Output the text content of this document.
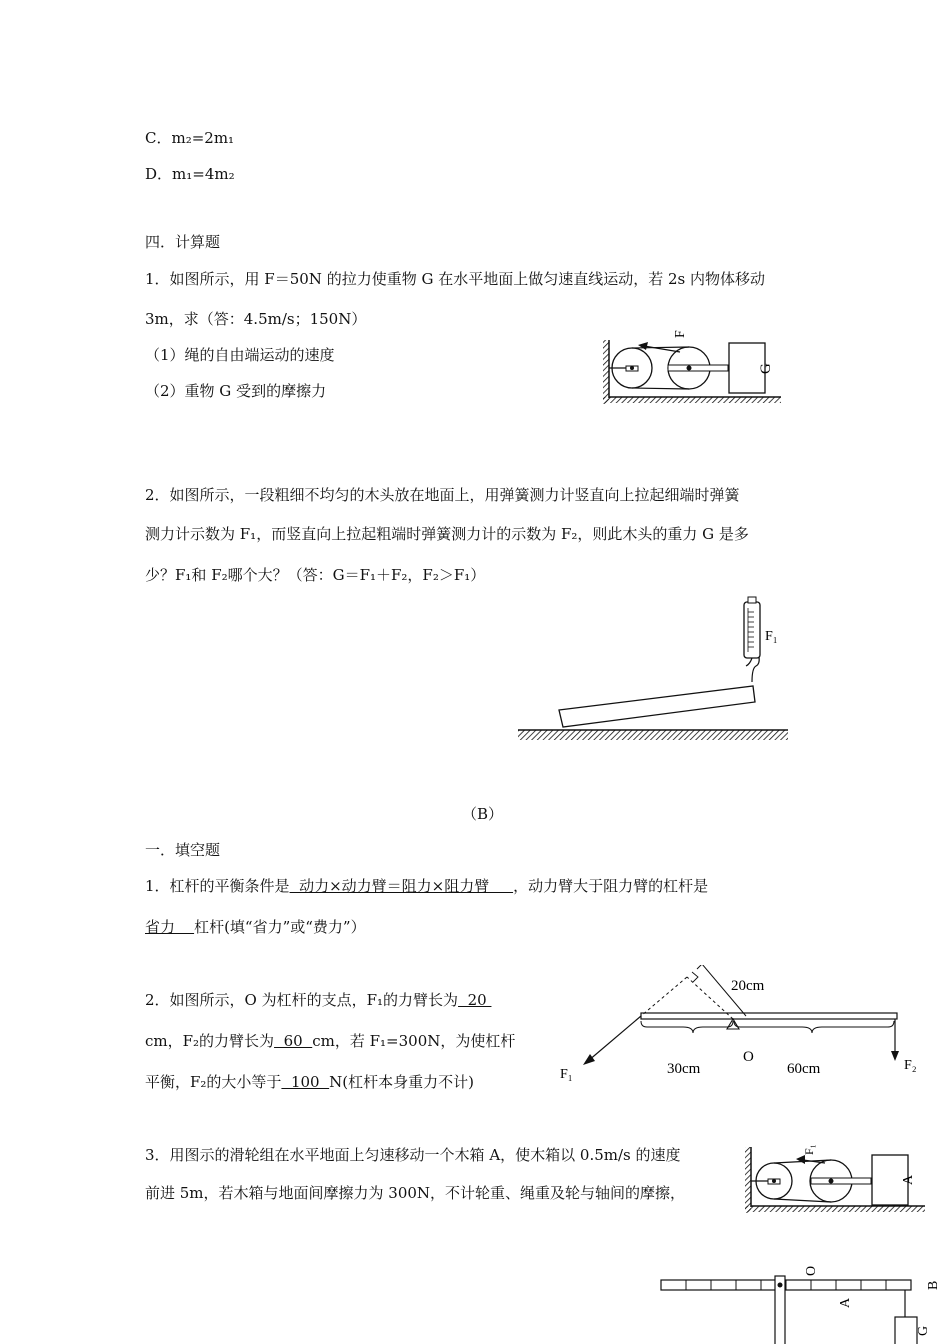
C．m₂=2m₁
D．m₁=4m₂
四．计算题
1．如图所示，用 F＝50N 的拉力使重物 G 在水平地面上做匀速直线运动，若 2s 内物体移动
3m，求（答：4.5m/s；150N）
（1）绳的自由端运动的速度
（2）重物 G 受到的摩擦力
F
G
2．如图所示，一段粗细不均匀的木头放在地面上，用弹簧测力计竖直向上拉起细端时弹簧
测力计示数为 F₁，而竖直向上拉起粗端时弹簧测力计的示数为 F₂，则此木头的重力 G 是多
少？F₁和 F₂哪个大？（答：G＝F₁＋F₂，F₂＞F₁）
F₁
（B）
一．填空题
1．杠杆的平衡条件是  动力×动力臂＝阻力×阻力臂     ，动力臂大于阻力臂的杠杆是
省力    杠杆(填“省力”或“费力”）
2．如图所示，O 为杠杆的支点，F₁的力臂长为  20
cm，F₂的力臂长为  60  cm，若 F₁=300N，为使杠杆
平衡，F₂的大小等于  100  N(杠杆本身重力不计)
20cm
30cm	60cm
O
F₁
F₂
3．用图示的滑轮组在水平地面上匀速移动一个木箱 A，使木箱以 0.5m/s 的速度
前进 5m，若木箱与地面间摩擦力为 300N，不计轮重、绳重及轮与轴间的摩擦，
F₁
A
O
B
A
G
